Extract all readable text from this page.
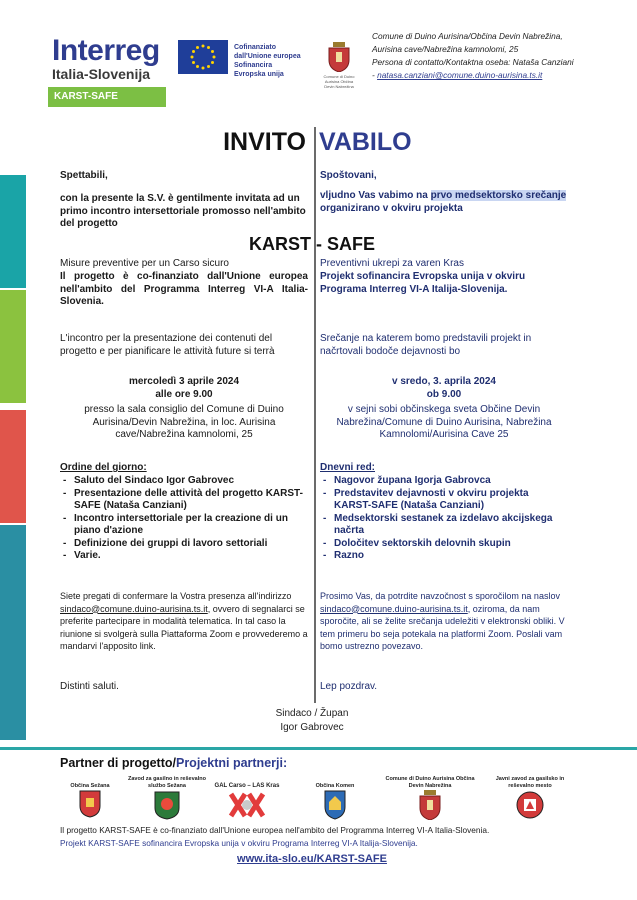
Interreg
Italia-Slovenija
KARST-SAFE
Cofinanziato
dall'Unione europea
Sofinancira
Evropska unija	Comune di Duino Aurisina Občina Devin Nabrežina
Comune di Duino Aurisina/Občina Devin Nabrežina,
Aurisina cave/Nabrežina kamnolomi, 25
Persona di contatto/Kontaktna oseba: Nataša Canziani
- natasa.canziani@comune.duino-aurisina.ts.it
INVITO VABILO
Spettabili,
con la presente la S.V. è gentilmente invitata ad un primo incontro intersettoriale promosso nell'ambito del progetto
Spoštovani,
vljudno Vas vabimo na prvo medsektorsko srečanje organizirano v okviru projekta
KARST - SAFE
Misure preventive per un Carso sicuro
Il progetto è co-finanziato dall'Unione europea nell'ambito del Programma Interreg VI-A Italia-Slovenia.
Preventivni ukrepi za varen Kras
Projekt sofinancira Evropska unija v okviru Programa Interreg VI-A Italija-Slovenija.
L'incontro per la presentazione dei contenuti del progetto e per pianificare le attività future si terrà
Srečanje na katerem bomo predstavili projekt in načrtovali bodoče dejavnosti bo
mercoledì 3 aprile 2024
alle ore 9.00
presso la sala consiglio del Comune di Duino Aurisina/Devin Nabrežina, in loc. Aurisina cave/Nabrežina kamnolomi, 25
v sredo, 3. aprila 2024
ob 9.00
v sejni sobi občinskega sveta Občine Devin Nabrežina/Comune di Duino Aurisina, Nabrežina Kamnolomi/Aurisina Cave 25
Ordine del giorno:
- Saluto del Sindaco Igor Gabrovec
- Presentazione delle attività del progetto KARST-SAFE (Nataša Canziani)
- Incontro intersettoriale per la creazione di un piano d'azione
- Definizione dei gruppi di lavoro settoriali
- Varie.
Dnevni red:
- Nagovor župana Igorja Gabrovca
- Predstavitev dejavnosti v okviru projekta KARST-SAFE (Nataša Canziani)
- Medsektorski sestanek za izdelavo akcijskega načrta
- Določitev sektorskih delovnih skupin
- Razno
Siete pregati di confermare la Vostra presenza all'indirizzo sindaco@comune.duino-aurisina.ts.it, ovvero di segnalarci se preferite partecipare in modalità telematica. In tal caso la riunione si svolgerà sulla Piattaforma Zoom e provvederemo a mandarvi l'apposito link.
Prosimo Vas, da potrdite navzočnost s sporočilom na naslov sindaco@comune.duino-aurisina.ts.it, oziroma, da nam sporočite, ali se želite srečanja udeležiti v elektronski obliki. V tem primeru bo seja potekala na platformi Zoom. Poslali vam bomo ustrezno povezavo.
Distinti saluti.	Lep pozdrav.
Sindaco / Župan
Igor Gabrovec
Partner di progetto/Projektni partnerji:
Občina Sežana
Zavod za gasilno in reševalno službo Sežana	GAL Carso – LAS Kras	Občina Komen
Comune di Duino Aurisina Občina Devin Nabrežina
Javni zavod za gasilsko in reševalno mesto
Il progetto KARST-SAFE è co-finanziato dall'Unione europea nell'ambito del Programma Interreg VI-A Italia-Slovenia.
Projekt KARST-SAFE sofinancira Evropska unija v okviru Programa Interreg VI-A Italija-Slovenija.
www.ita-slo.eu/KARST-SAFE
